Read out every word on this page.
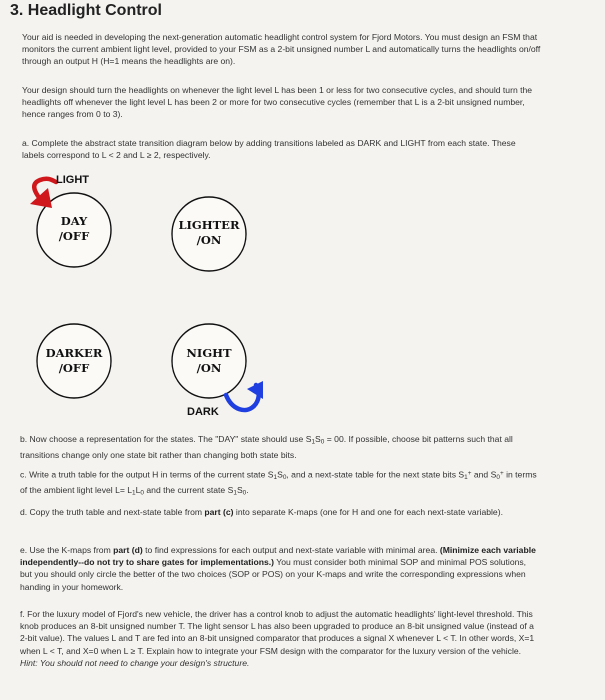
3. Headlight Control

Your aid is needed in developing the next-generation automatic headlight control system for Fjord Motors. You must design an FSM that monitors the current ambient light level, provided to your FSM as a 2-bit unsigned number L and automatically turns the headlights on/off through an output H (H=1 means the headlights are on).

Your design should turn the headlights on whenever the light level L has been 1 or less for two consecutive cycles, and should turn the headlights off whenever the light level L has been 2 or more for two consecutive cycles (remember that L is a 2-bit unsigned number, hence ranges from 0 to 3).

a. Complete the abstract state transition diagram below by adding transitions labeled as DARK and LIGHT from each state. These labels correspond to L < 2 and L ≥ 2, respectively.

DAY
/OFF
LIGHT
LIGHTER
/ON
DARKER
/OFF
NIGHT
/ON
DARK

b. Now choose a representation for the states. The "DAY" state should use $S_1S_0 = 00$. If possible, choose bit patterns such that all transitions change only one state bit rather than changing both state bits.

c. Write a truth table for the output H in terms of the current state $S_1S_0$, and a next-state table for the next state bits $S_1^+$ and $S_0^+$ in terms of the ambient light level $L= L_1L_0$ and the current state $S_1S_0$.

d. Copy the truth table and next-state table from part (c) into separate K-maps (one for H and one for each next-state variable).

e. Use the K-maps from part (d) to find expressions for each output and next-state variable with minimal area. (Minimize each variable independently--do not try to share gates for implementations.) You must consider both minimal SOP and minimal POS solutions, but you should only circle the better of the two choices (SOP or POS) on your K-maps and write the corresponding expressions when handing in your homework.

f. For the luxury model of Fjord's new vehicle, the driver has a control knob to adjust the automatic headlights' light-level threshold. This knob produces an 8-bit unsigned number T. The light sensor L has also been upgraded to produce an 8-bit unsigned value (instead of a 2-bit value). The values L and T are fed into an 8-bit unsigned comparator that produces a signal X whenever L < T. In other words, X=1 when L < T, and X=0 when L ≥ T. Explain how to integrate your FSM design with the comparator for the luxury version of the vehicle. Hint: You should not need to change your design's structure.
